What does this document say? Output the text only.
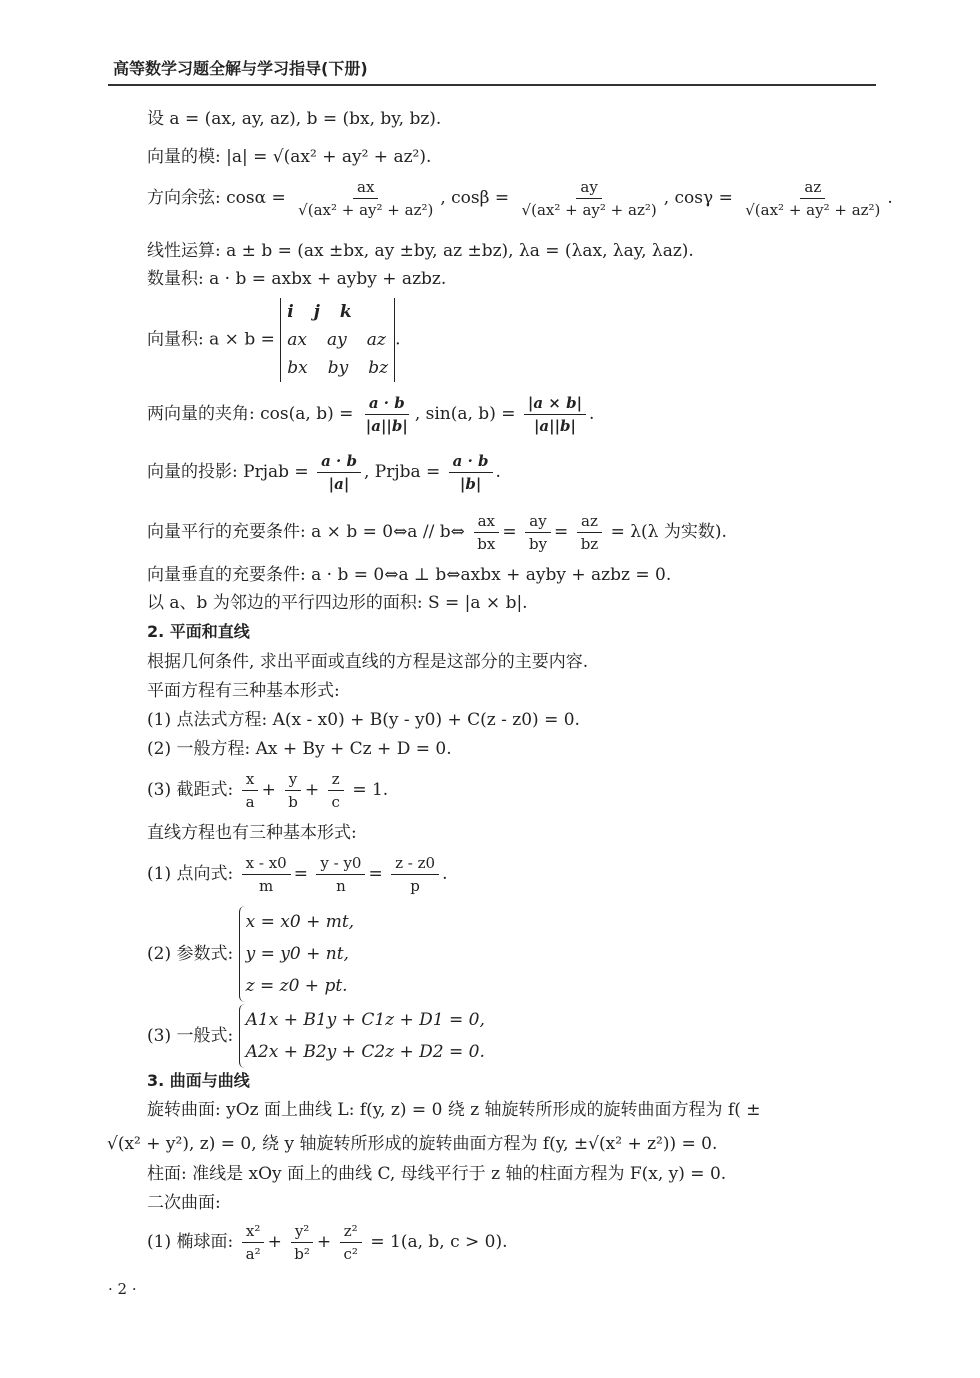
高等数学习题全解与学习指导(下册)
设 a = (ax, ay, az), b = (bx, by, bz).
向量的模: |a| = √(ax² + ay² + az²).
方向余弦: $\cos\alpha = \frac{ax}{\text{√(ax² + ay² + az²)}}$ , $\cos\beta = \frac{ay}{\text{√(ax² + ay² + az²)}}$ , $\cos\gamma = \frac{az}{\text{√(ax² + ay² + az²)}}$ .
线性运算: a ± b = (ax ±bx, ay ±by, az ±bz), λa = (λax, λay, λaz).
数量积: a · b = axbx + ayby + azbz.
向量积: a × b =
i j k
ax ay az
bx by bz
.
两向量的夹角: cos(a, $b) = \frac{a \cdot b}{|a||b|}$ , sin(a, $b) = \frac{|a \times b|}{|a||b|}$ .
向量的投影: Prjab = $\frac{a \cdot b}{|a|}$ , Prjba = $\frac{a \cdot b}{|b|}$ .
向量平行的充要条件: a × b = 0⇔a // b⇔ $\frac{ax}{bx} = \frac{ay}{by} = \frac{az}{bz} = \lambda(\lambda$ 为实数).
向量垂直的充要条件: a · b = 0⇔a ⊥ b⇔axbx + ayby + azbz = 0.
以 a、b 为邻边的平行四边形的面积: S = |a × b|.
2. 平面和直线
根据几何条件, 求出平面或直线的方程是这部分的主要内容.
平面方程有三种基本形式:
(1) 点法式方程: A(x - x0) + B(y - y0) + C(z - z0) = 0.
(2) 一般方程: Ax + By + Cz + D = 0.
(3) 截距式: $\frac{x}{a} + \frac{y}{b} + \frac{z}{c} = 1$.
直线方程也有三种基本形式:
(1) 点向式: $\frac{x - x0}{m} = \frac{y - y0}{n} = \frac{z - z0}{p}$ .
(2) 参数式:
x = x0 + mt,
y = y0 + nt,
z = z0 + pt.
(3) 一般式:
A1x + B1y + C1z + D1 = 0,
A2x + B2y + C2z + D2 = 0.
3. 曲面与曲线
旋转曲面: yOz 面上曲线 L: f(y, z) = 0 绕 z 轴旋转所形成的旋转曲面方程为 f( ±
√(x² + y²), z) = 0, 绕 y 轴旋转所形成的旋转曲面方程为 f(y, ±√(x² + z²)) = 0.
柱面: 准线是 xOy 面上的曲线 C, 母线平行于 z 轴的柱面方程为 F(x, y) = 0.
二次曲面:
(1) 椭球面: $\frac{\text{x²}}{\text{a²}} + \frac{\text{y²}}{\text{b²}} + \frac{\text{z²}}{\text{c²}} = 1(a$, b, c > 0).
· 2 ·
